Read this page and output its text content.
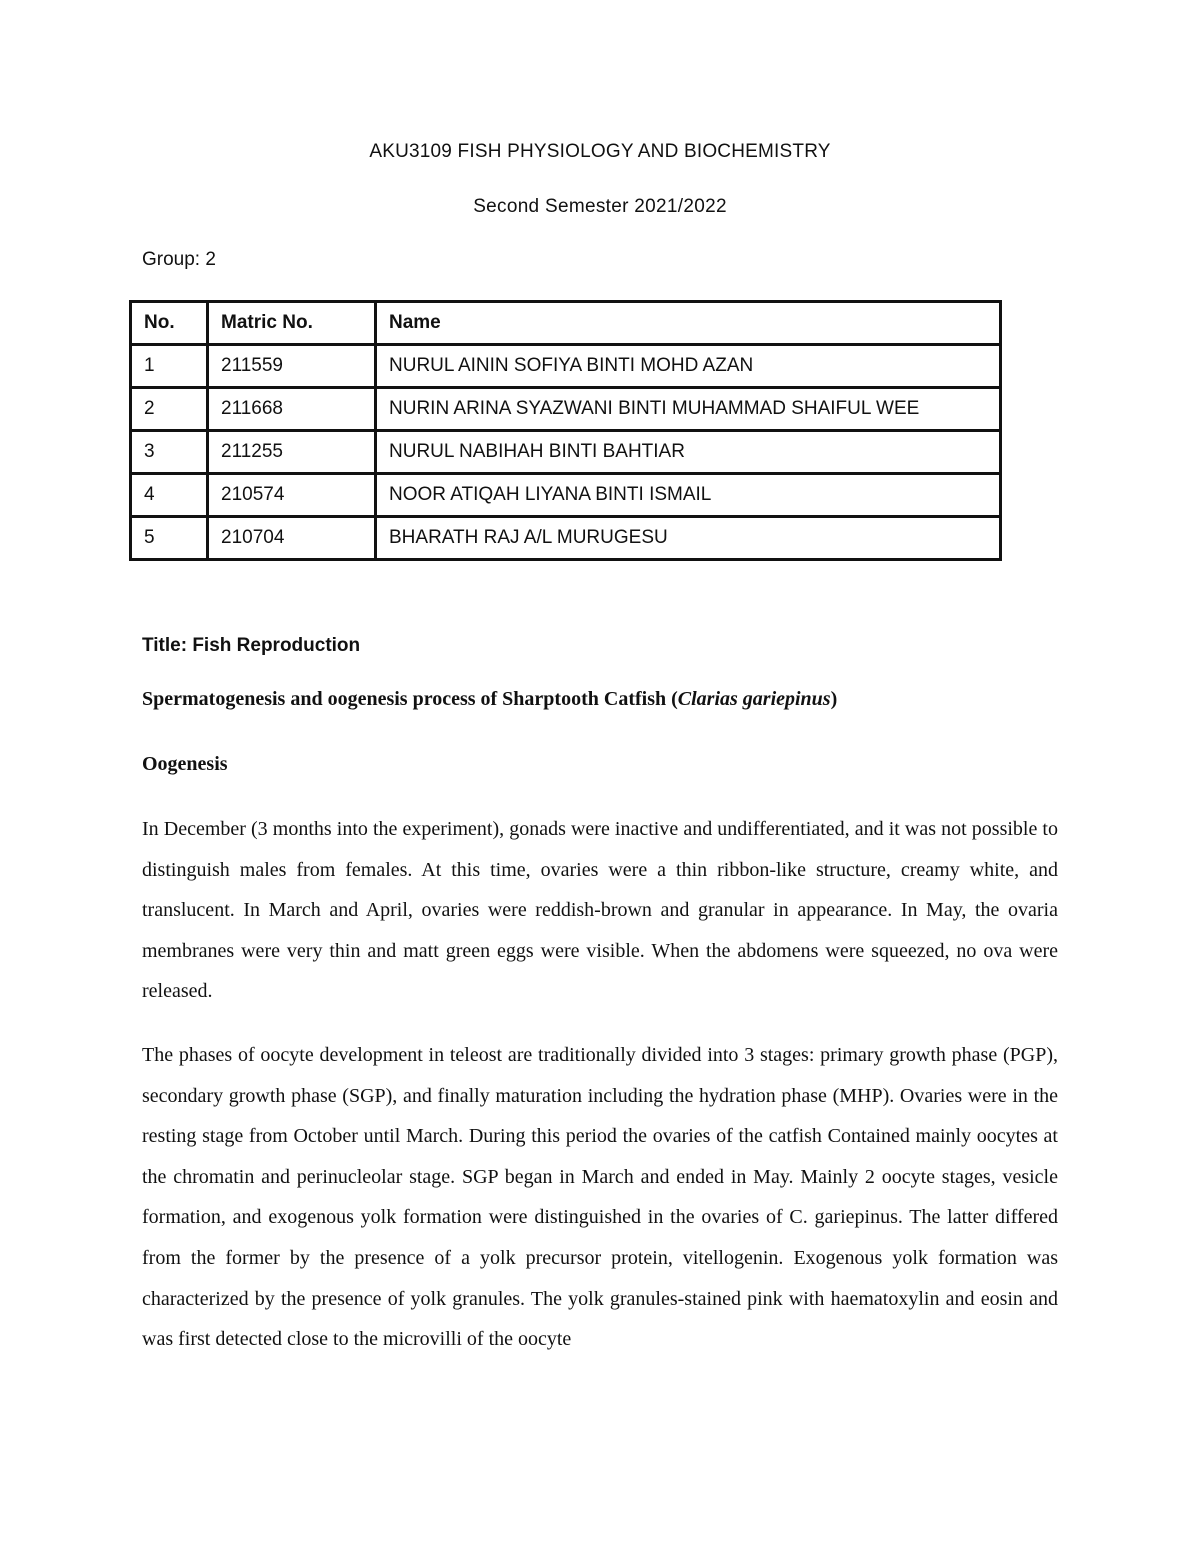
AKU3109 FISH PHYSIOLOGY AND BIOCHEMISTRY
Second Semester 2021/2022
Group: 2
No.	Matric No.	Name
1	211559	NURUL AININ SOFIYA BINTI MOHD AZAN
2	211668	NURIN ARINA SYAZWANI BINTI MUHAMMAD SHAIFUL WEE
3	211255	NURUL NABIHAH BINTI BAHTIAR
4	210574	NOOR ATIQAH LIYANA BINTI ISMAIL
5	210704	BHARATH RAJ A/L MURUGESU
Title: Fish Reproduction
Spermatogenesis and oogenesis process of Sharptooth Catfish (Clarias gariepinus)
Oogenesis

In December (3 months into the experiment), gonads were inactive and undifferentiated, and it was not possible to distinguish males from females. At this time, ovaries were a thin ribbon-like structure, creamy white, and translucent. In March and April, ovaries were reddish-brown and granular in appearance. In May, the ovaria membranes were very thin and matt green eggs were visible. When the abdomens were squeezed, no ova were released.

The phases of oocyte development in teleost are traditionally divided into 3 stages: primary growth phase (PGP), secondary growth phase (SGP), and finally maturation including the hydration phase (MHP). Ovaries were in the resting stage from October until March. During this period the ovaries of the catfish Contained mainly oocytes at the chromatin and perinucleolar stage. SGP began in March and ended in May. Mainly 2 oocyte stages, vesicle formation, and exogenous yolk formation were distinguished in the ovaries of C. gariepinus. The latter differed from the former by the presence of a yolk precursor protein, vitellogenin. Exogenous yolk formation was characterized by the presence of yolk granules. The yolk granules-stained pink with haematoxylin and eosin and was first detected close to the microvilli of the oocyte
